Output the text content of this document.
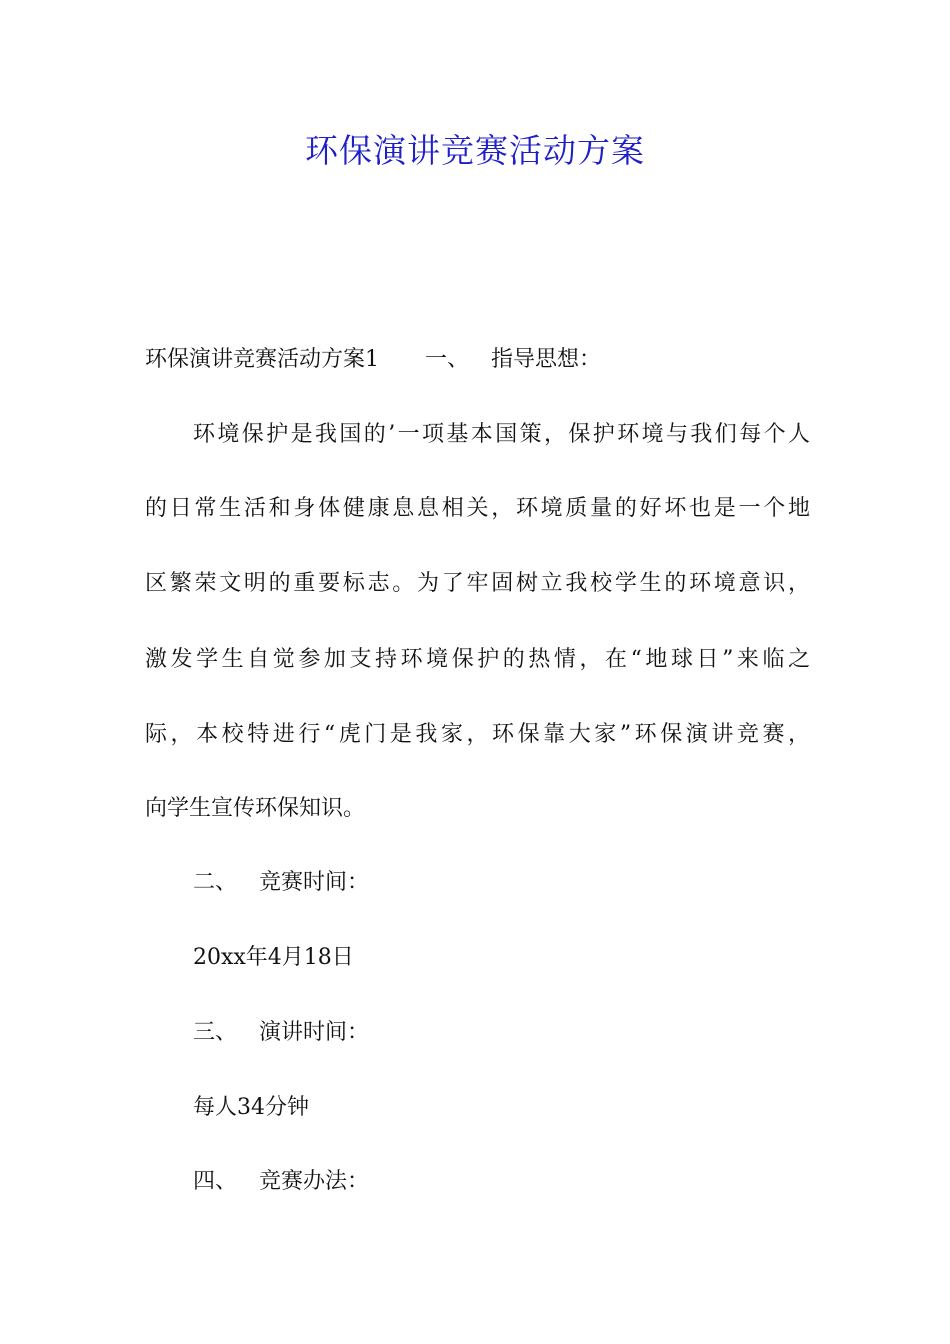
环保演讲竞赛活动方案

环保演讲竞赛活动方案1 一、 指导思想：

环境保护是我国的’一项基本国策，保护环境与我们每个人

的日常生活和身体健康息息相关，环境质量的好坏也是一个地

区繁荣文明的重要标志。为了牢固树立我校学生的环境意识，

激发学生自觉参加支持环境保护的热情，在“地球日”来临之

际，本校特进行“虎门是我家，环保靠大家”环保演讲竞赛，

向学生宣传环保知识。

二、 竞赛时间：

20xx年4月18日

三、 演讲时间：

每人34分钟

四、 竞赛办法：
